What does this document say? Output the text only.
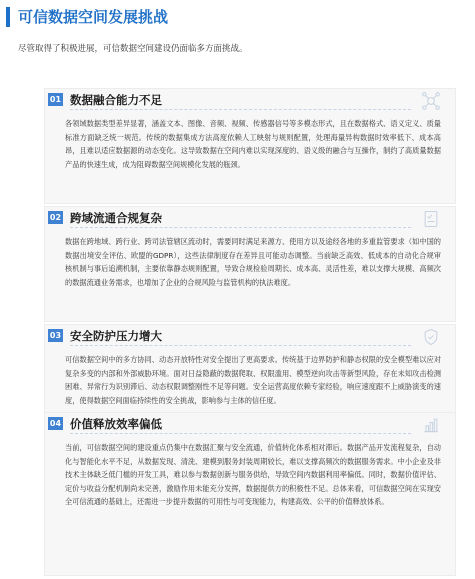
可信数据空间发展挑战
尽管取得了积极进展，可信数据空间建设仍面临多方面挑战。
01 数据融合能力不足
各领域数据类型差异显著，涵盖文本、图像、音频、视频、传感器信号等多模态形式，且在数据格式、语义定义、质量标准方面缺乏统一规范。传统的数据集成方法高度依赖人工映射与规则配置，处理海量异构数据时效率低下、成本高昂，且难以适应数据源的动态变化。这导致数据在空间内难以实现深度的、语义级的融合与互操作，制约了高质量数据产品的快速生成，成为阻碍数据空间规模化发展的瓶颈。
02 跨域流通合规复杂
数据在跨地域、跨行业、跨司法管辖区流动时，需要同时满足来源方、使用方以及途经各地的多重监管要求（如中国的数据出境安全评估、欧盟的GDPR），这些法律制度存在差异且可能动态调整。当前缺乏高效、低成本的自动化合规审核机制与事后追溯机制，主要依靠静态规则配置，导致合规检验周期长、成本高、灵活性差，难以支撑大规模、高频次的数据流通业务需求，也增加了企业的合规风险与监管机构的执法难度。
03 安全防护压力增大
可信数据空间中的多方协同、动态开放特性对安全提出了更高要求。传统基于边界防护和静态权限的安全模型难以应对复杂多变的内部和外部威胁环境。面对日益隐蔽的数据爬取、权限滥用、模型逆向攻击等新型风险，存在未知攻击检测困难、异常行为识别滞后、动态权限调整刚性不足等问题。安全运营高度依赖专家经验，响应速度跟不上威胁演变的速度，使得数据空间面临持续性的安全挑战，影响参与主体的信任度。
04 价值释放效率偏低
当前，可信数据空间的建设重点仍集中在数据汇聚与安全流通，价值转化体系相对滞后。数据产品开发流程复杂，自动化与智能化水平不足，从数据发现、清洗、建模到服务封装周期较长，难以支撑高频次的数据服务需求。中小企业及非技术主体缺乏低门槛的开发工具，难以参与数据创新与服务供给，导致空间内数据利用率偏低。同时，数据价值评估、定价与收益分配机制尚未完善，激励作用未能充分发挥，数据提供方的积极性不足。总体来看，可信数据空间在实现安全可信流通的基础上，还需进一步提升数据的可用性与可变现能力，构建高效、公平的价值释放体系。
